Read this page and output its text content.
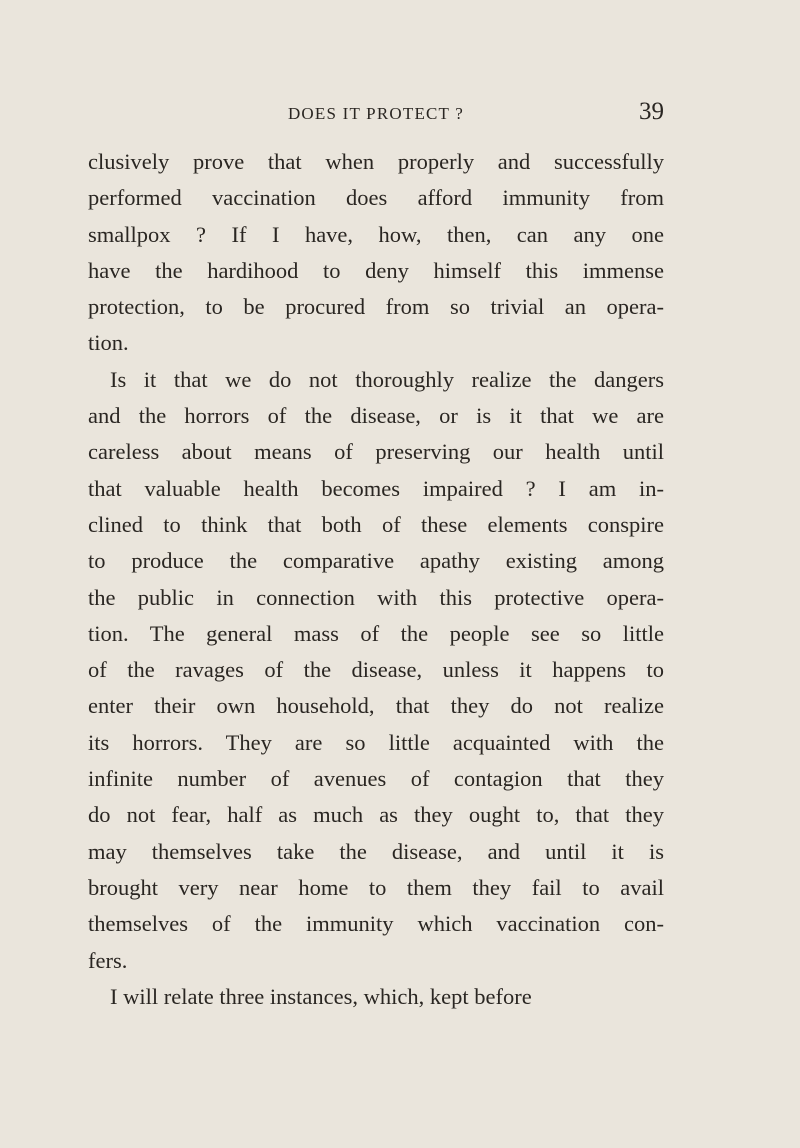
DOES IT PROTECT ?	39
clusively prove that when properly and successfully
performed vaccination does afford immunity from
smallpox ? If I have, how, then, can any one
have the hardihood to deny himself this immense
protection, to be procured from so trivial an opera-
tion.
Is it that we do not thoroughly realize the dangers
and the horrors of the disease, or is it that we are
careless about means of preserving our health until
that valuable health becomes impaired ? I am in-
clined to think that both of these elements conspire
to produce the comparative apathy existing among
the public in connection with this protective opera-
tion. The general mass of the people see so little
of the ravages of the disease, unless it happens to
enter their own household, that they do not realize
its horrors. They are so little acquainted with the
infinite number of avenues of contagion that they
do not fear, half as much as they ought to, that they
may themselves take the disease, and until it is
brought very near home to them they fail to avail
themselves of the immunity which vaccination con-
fers.
I will relate three instances, which, kept before
